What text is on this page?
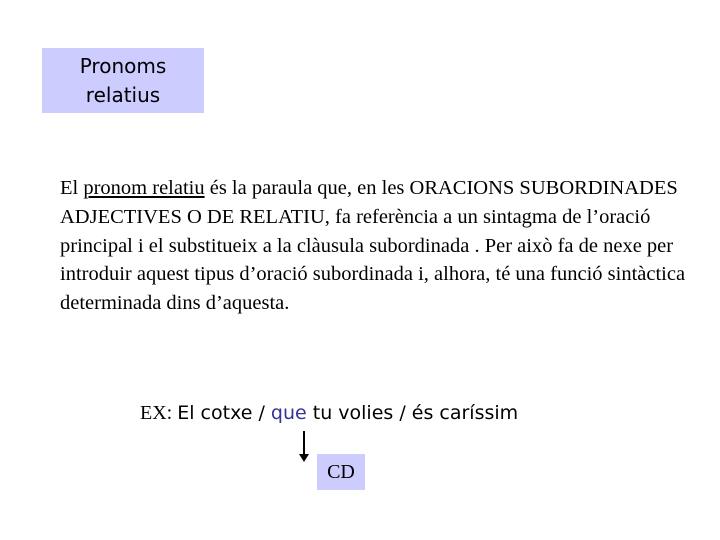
Pronoms
relatius

El pronom relatiu és la paraula que, en les ORACIONS SUBORDINADES ADJECTIVES O DE RELATIU, fa referència a un sintagma de l’oració principal i el substitueix a la clàusula subordinada . Per això fa de nexe per introduir aquest tipus d’oració subordinada i, alhora, té una funció sintàctica determinada dins d’aquesta.

EX: El cotxe / que tu volies / és caríssim
CD
